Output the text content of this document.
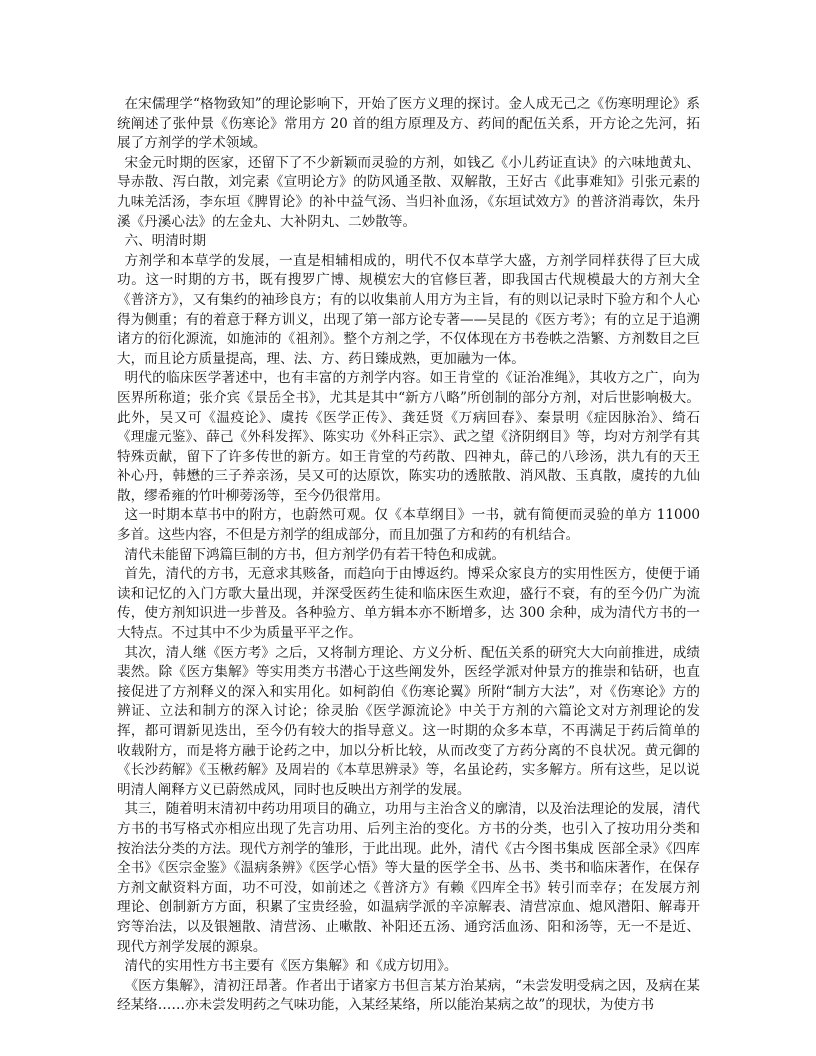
在宋儒理学“格物致知”的理论影响下，开始了医方义理的探讨。金人成无己之《伤寒明理论》系统阐述了张仲景《伤寒论》常用方 20 首的组方原理及方、药间的配伍关系，开方论之先河，拓展了方剂学的学术领域。

宋金元时期的医家，还留下了不少新颖而灵验的方剂，如钱乙《小儿药证直诀》的六味地黄丸、导赤散、泻白散，刘完素《宣明论方》的防风通圣散、双解散，王好古《此事难知》引张元素的九味羌活汤，李东垣《脾胃论》的补中益气汤、当归补血汤，《东垣试效方》的普济消毒饮，朱丹溪《丹溪心法》的左金丸、大补阴丸、二妙散等。

六、明清时期

方剂学和本草学的发展，一直是相辅相成的，明代不仅本草学大盛，方剂学同样获得了巨大成功。这一时期的方书，既有搜罗广博、规模宏大的官修巨著，即我国古代规模最大的方剂大全《普济方》，又有集约的袖珍良方；有的以收集前人用方为主旨，有的则以记录时下验方和个人心得为侧重；有的着意于释方训义，出现了第一部方论专著——吴昆的《医方考》；有的立足于追溯诸方的衍化源流，如施沛的《祖剂》。整个方剂之学，不仅体现在方书卷帙之浩繁、方剂数目之巨大，而且论方质量提高，理、法、方、药日臻成熟，更加融为一体。

明代的临床医学著述中，也有丰富的方剂学内容。如王肯堂的《证治准绳》，其收方之广，向为医界所称道；张介宾《景岳全书》，尤其是其中“新方八略”所创制的部分方剂，对后世影响极大。此外，吴又可《温疫论》、虞抟《医学正传》、龚廷贤《万病回春》、秦景明《症因脉治》、绮石《理虚元鉴》、薛己《外科发挥》、陈实功《外科正宗》、武之望《济阴纲目》等，均对方剂学有其特殊贡献，留下了许多传世的新方。如王肯堂的芍药散、四神丸，薛己的八珍汤，洪九有的天王补心丹，韩懋的三子养亲汤，吴又可的达原饮，陈实功的透脓散、消风散、玉真散，虞抟的九仙散，缪希雍的竹叶柳蒡汤等，至今仍很常用。

这一时期本草书中的附方，也蔚然可观。仅《本草纲目》一书，就有简便而灵验的单方 11000 多首。这些内容，不但是方剂学的组成部分，而且加强了方和药的有机结合。

清代未能留下鸿篇巨制的方书，但方剂学仍有若干特色和成就。

首先，清代的方书，无意求其赅备，而趋向于由博返约。博采众家良方的实用性医方，使便于诵读和记忆的入门方歌大量出现，并深受医药生徒和临床医生欢迎，盛行不衰，有的至今仍广为流传，使方剂知识进一步普及。各种验方、单方辑本亦不断增多，达 300 余种，成为清代方书的一大特点。不过其中不少为质量平平之作。

其次，清人继《医方考》之后，又将制方理论、方义分析、配伍关系的研究大大向前推进，成绩裴然。除《医方集解》等实用类方书潜心于这些阐发外，医经学派对仲景方的推崇和钻研，也直接促进了方剂释义的深入和实用化。如柯韵伯《伤寒论翼》所附“制方大法”，对《伤寒论》方的辨证、立法和制方的深入讨论；徐灵胎《医学源流论》中关于方剂的六篇论文对方剂理论的发挥，都可谓新见迭出，至今仍有较大的指导意义。这一时期的众多本草，不再满足于药后简单的收载附方，而是将方融于论药之中，加以分析比较，从而改变了方药分离的不良状况。黄元御的《长沙药解》《玉楸药解》及周岩的《本草思辨录》等，名虽论药，实多解方。所有这些，足以说明清人阐释方义已蔚然成风，同时也反映出方剂学的发展。

其三，随着明末清初中药功用项目的确立，功用与主治含义的廓清，以及治法理论的发展，清代方书的书写格式亦相应出现了先言功用、后列主治的变化。方书的分类，也引入了按功用分类和按治法分类的方法。现代方剂学的雏形，于此出现。此外，清代《古今图书集成 医部全录》《四库全书》《医宗金鉴》《温病条辨》《医学心悟》等大量的医学全书、丛书、类书和临床著作，在保存方剂文献资料方面，功不可没，如前述之《普济方》有赖《四库全书》转引而幸存；在发展方剂理论、创制新方方面，积累了宝贵经验，如温病学派的辛凉解表、清营凉血、熄风潜阳、解毒开窍等治法，以及银翘散、清营汤、止嗽散、补阳还五汤、通窍活血汤、阳和汤等，无一不是近、现代方剂学发展的源泉。

清代的实用性方书主要有《医方集解》和《成方切用》。

《医方集解》，清初汪昂著。作者出于诸家方书但言某方治某病，“未尝发明受病之因，及病在某经某络……亦未尝发明药之气味功能，入某经某络，所以能治某病之故”的现状，为使方书
